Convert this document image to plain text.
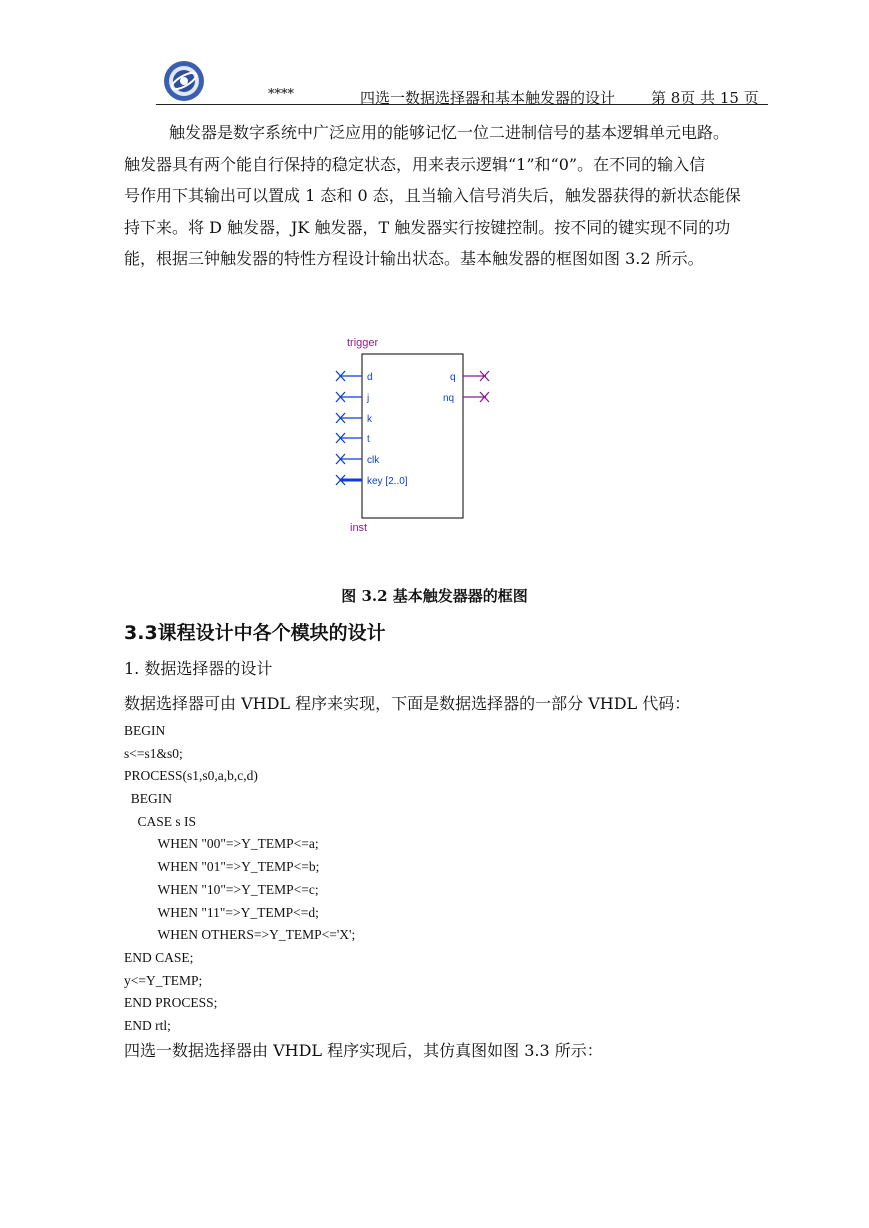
****	四选一数据选择器和基本触发器的设计 第 8页 共 15 页

触发器是数字系统中广泛应用的能够记忆一位二进制信号的基本逻辑单元电路。

触发器具有两个能自行保持的稳定状态，用来表示逻辑“1”和“0”。在不同的输入信

号作用下其输出可以置成 1 态和 0 态，且当输入信号消失后，触发器获得的新状态能保

持下来。将 D 触发器，JK 触发器，T 触发器实行按键控制。按不同的键实现不同的功

能，根据三钟触发器的特性方程设计输出状态。基本触发器的框图如图 3.2 所示。

trigger
d
j
k
t
clk
key [2..0]
q
nq
inst
图 3.2 基本触发器器的框图
3.3课程设计中各个模块的设计
1. 数据选择器的设计
数据选择器可由 VHDL 程序来实现，下面是数据选择器的一部分 VHDL 代码：
BEGIN
s<=s1&s0;
PROCESS(s1,s0,a,b,c,d)
BEGIN
CASE s IS
WHEN "00"=>Y_TEMP<=a;
WHEN "01"=>Y_TEMP<=b;
WHEN "10"=>Y_TEMP<=c;
WHEN "11"=>Y_TEMP<=d;
WHEN OTHERS=>Y_TEMP<='X';
END CASE;
y<=Y_TEMP;
END PROCESS;
END rtl;
四选一数据选择器由 VHDL 程序实现后，其仿真图如图 3.3 所示：
